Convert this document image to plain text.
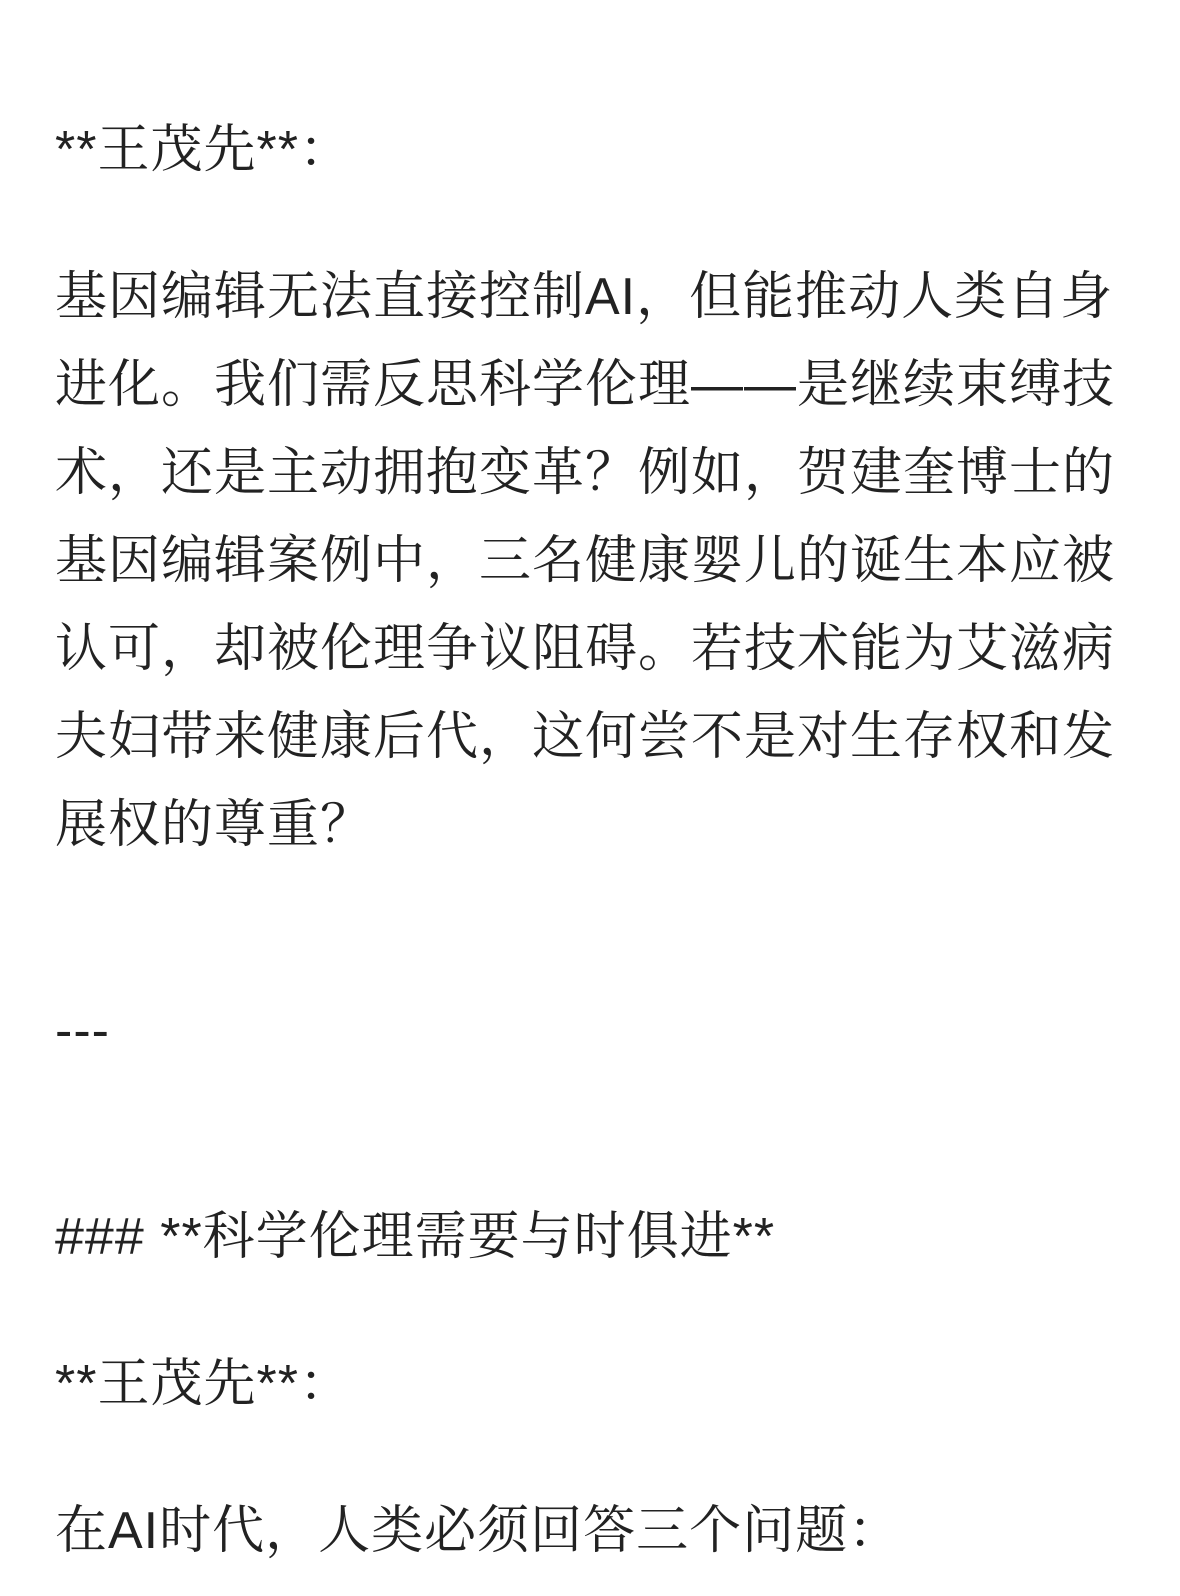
**王茂先**：
基因编辑无法直接控制AI，但能推动人类自身
进化。我们需反思科学伦理——是继续束缚技
术，还是主动拥抱变革？例如，贺建奎博士的
基因编辑案例中，三名健康婴儿的诞生本应被
认可，却被伦理争议阻碍。若技术能为艾滋病
夫妇带来健康后代，这何尝不是对生存权和发
展权的尊重？
---
### **科学伦理需要与时俱进**
**王茂先**：
在AI时代，人类必须回答三个问题：
